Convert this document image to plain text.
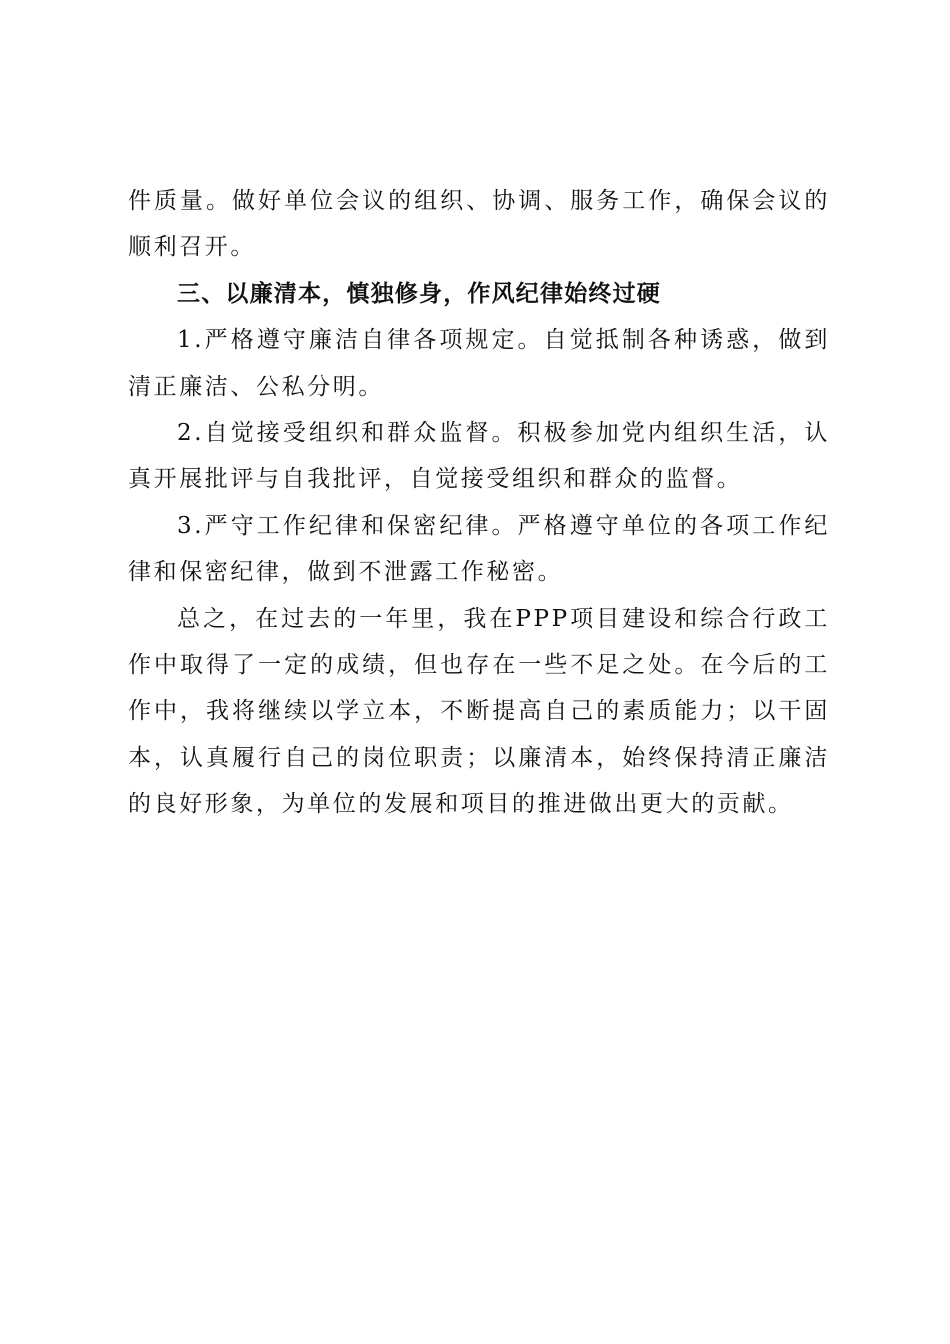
件质量。做好单位会议的组织、协调、服务工作，确保会议的顺利召开。

三、以廉清本，慎独修身，作风纪律始终过硬

1.严格遵守廉洁自律各项规定。自觉抵制各种诱惑，做到清正廉洁、公私分明。

2.自觉接受组织和群众监督。积极参加党内组织生活，认真开展批评与自我批评，自觉接受组织和群众的监督。

3.严守工作纪律和保密纪律。严格遵守单位的各项工作纪律和保密纪律，做到不泄露工作秘密。

总之，在过去的一年里，我在PPP项目建设和综合行政工作中取得了一定的成绩，但也存在一些不足之处。在今后的工作中，我将继续以学立本，不断提高自己的素质能力；以干固本，认真履行自己的岗位职责；以廉清本，始终保持清正廉洁的良好形象，为单位的发展和项目的推进做出更大的贡献。
